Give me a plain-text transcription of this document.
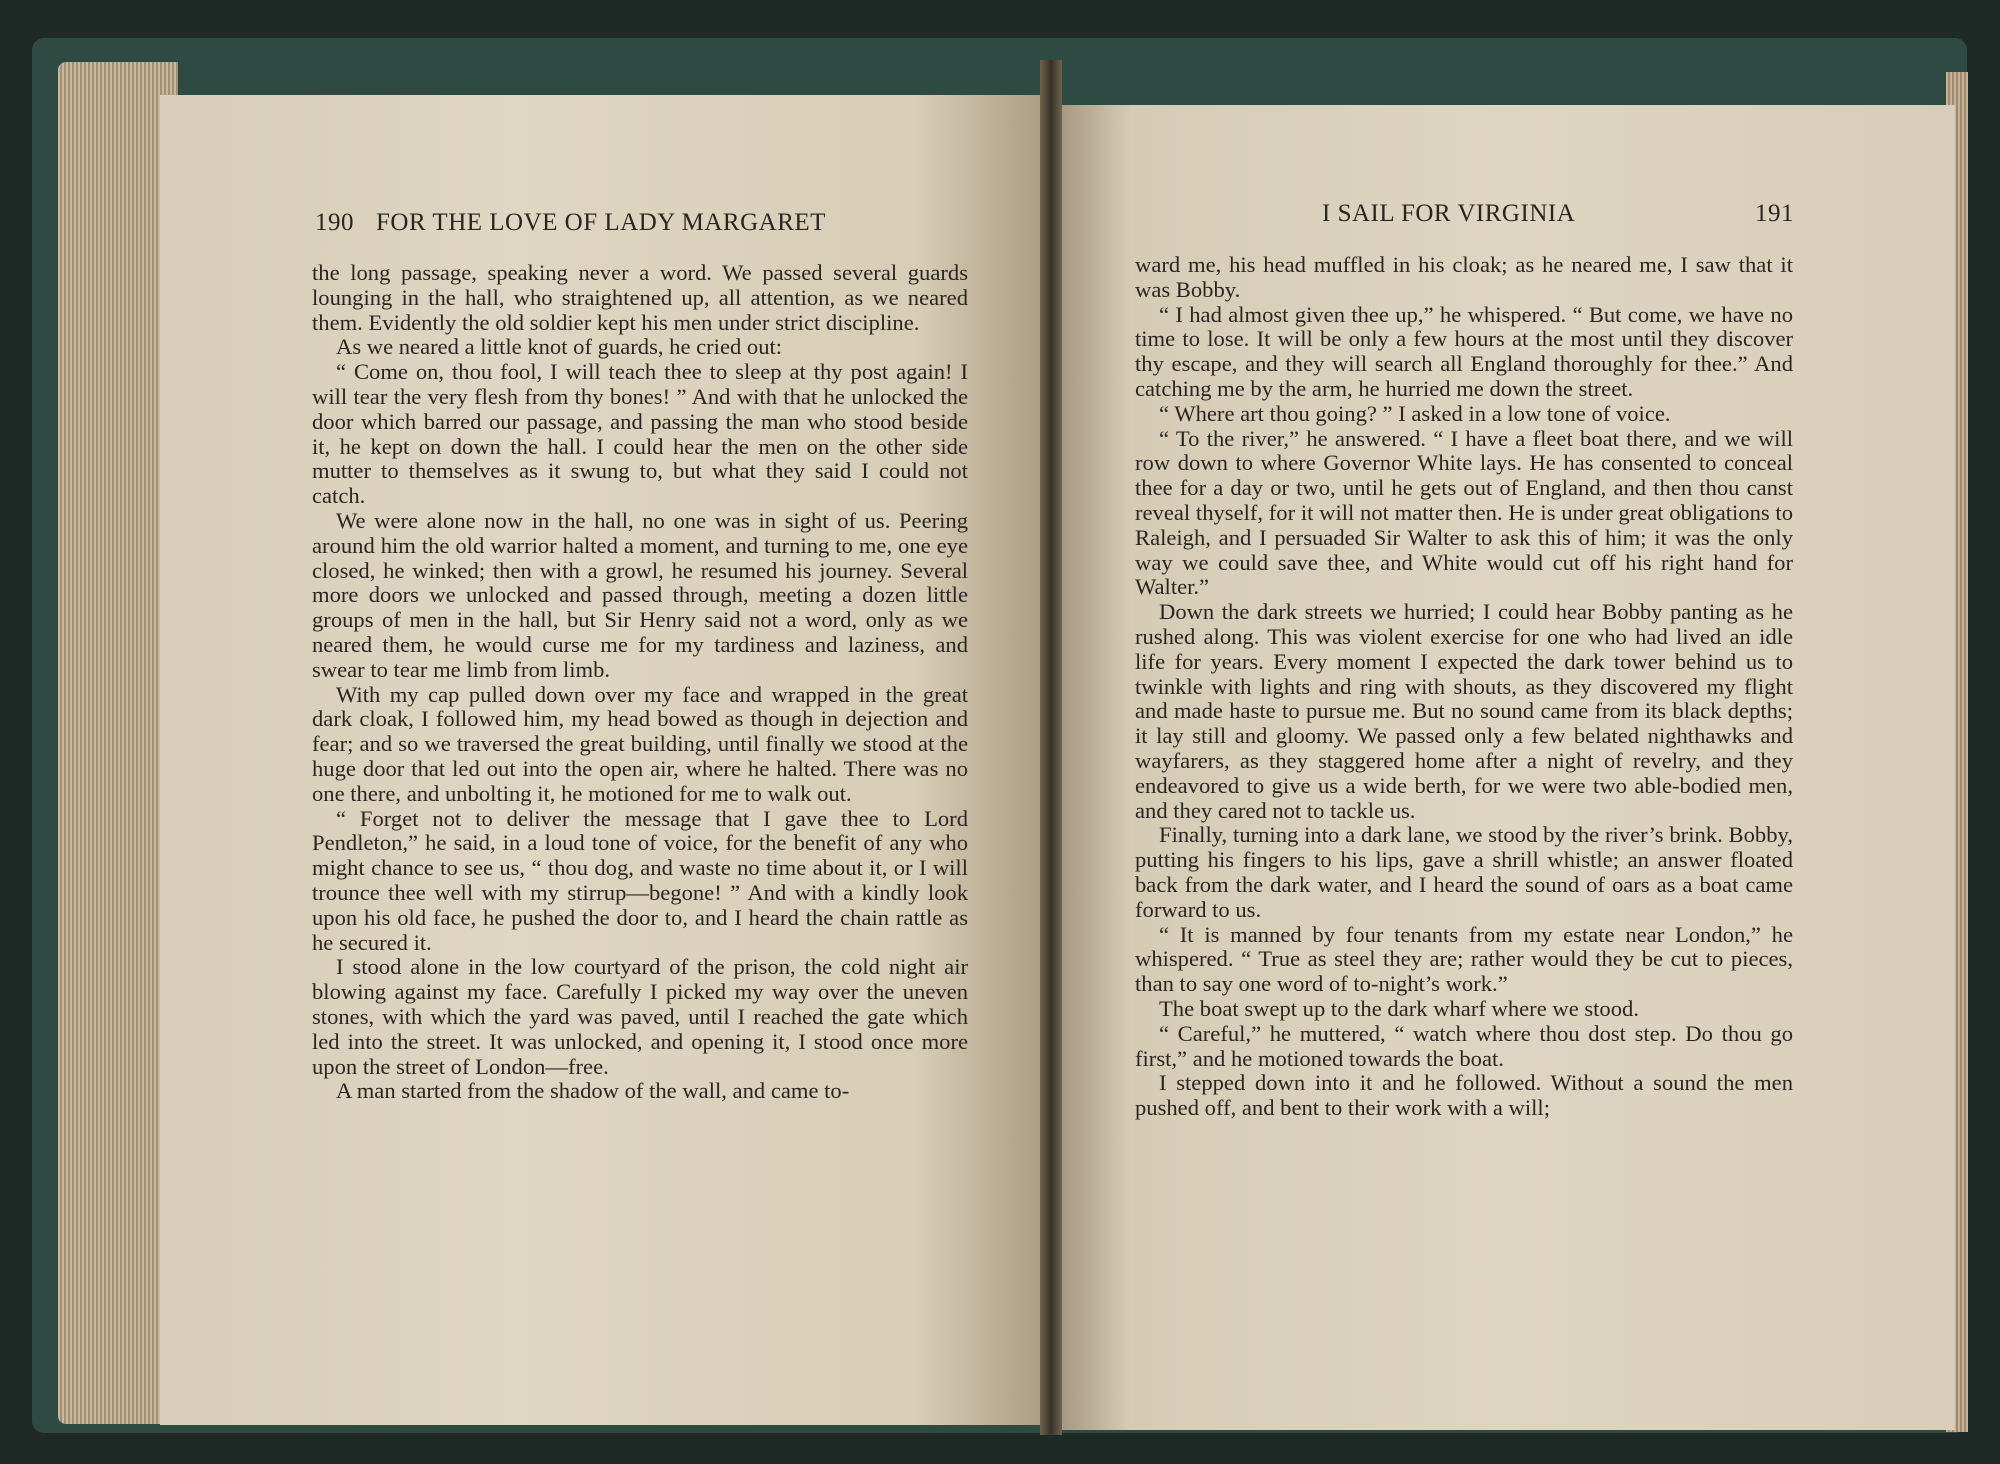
190 FOR THE LOVE OF LADY MARGARET

the long passage, speaking never a word. We passed several guards lounging in the hall, who straightened up, all attention, as we neared them. Evidently the old soldier kept his men under strict discipline.

As we neared a little knot of guards, he cried out:

“ Come on, thou fool, I will teach thee to sleep at thy post again! I will tear the very flesh from thy bones! ” And with that he unlocked the door which barred our passage, and passing the man who stood beside it, he kept on down the hall. I could hear the men on the other side mutter to themselves as it swung to, but what they said I could not catch.

We were alone now in the hall, no one was in sight of us. Peering around him the old warrior halted a moment, and turning to me, one eye closed, he winked; then with a growl, he resumed his journey. Several more doors we unlocked and passed through, meeting a dozen little groups of men in the hall, but Sir Henry said not a word, only as we neared them, he would curse me for my tardiness and laziness, and swear to tear me limb from limb.

With my cap pulled down over my face and wrapped in the great dark cloak, I followed him, my head bowed as though in dejection and fear; and so we traversed the great building, until finally we stood at the huge door that led out into the open air, where he halted. There was no one there, and unbolting it, he motioned for me to walk out.

“ Forget not to deliver the message that I gave thee to Lord Pendleton,” he said, in a loud tone of voice, for the benefit of any who might chance to see us, “ thou dog, and waste no time about it, or I will trounce thee well with my stirrup—begone! ” And with a kindly look upon his old face, he pushed the door to, and I heard the chain rattle as he secured it.

I stood alone in the low courtyard of the prison, the cold night air blowing against my face. Carefully I picked my way over the uneven stones, with which the yard was paved, until I reached the gate which led into the street. It was unlocked, and opening it, I stood once more upon the street of London—free.

A man started from the shadow of the wall, and came to-

I SAIL FOR VIRGINIA	191

ward me, his head muffled in his cloak; as he neared me, I saw that it was Bobby.

“ I had almost given thee up,” he whispered. “ But come, we have no time to lose. It will be only a few hours at the most until they discover thy escape, and they will search all England thoroughly for thee.” And catching me by the arm, he hurried me down the street.

“ Where art thou going? ” I asked in a low tone of voice.

“ To the river,” he answered. “ I have a fleet boat there, and we will row down to where Governor White lays. He has consented to conceal thee for a day or two, until he gets out of England, and then thou canst reveal thyself, for it will not matter then. He is under great obligations to Raleigh, and I persuaded Sir Walter to ask this of him; it was the only way we could save thee, and White would cut off his right hand for Walter.”

Down the dark streets we hurried; I could hear Bobby panting as he rushed along. This was violent exercise for one who had lived an idle life for years. Every moment I expected the dark tower behind us to twinkle with lights and ring with shouts, as they discovered my flight and made haste to pursue me. But no sound came from its black depths; it lay still and gloomy. We passed only a few belated nighthawks and wayfarers, as they staggered home after a night of revelry, and they endeavored to give us a wide berth, for we were two able-bodied men, and they cared not to tackle us.

Finally, turning into a dark lane, we stood by the river’s brink. Bobby, putting his fingers to his lips, gave a shrill whistle; an answer floated back from the dark water, and I heard the sound of oars as a boat came forward to us.

“ It is manned by four tenants from my estate near London,” he whispered. “ True as steel they are; rather would they be cut to pieces, than to say one word of to-night’s work.”

The boat swept up to the dark wharf where we stood.

“ Careful,” he muttered, “ watch where thou dost step. Do thou go first,” and he motioned towards the boat.

I stepped down into it and he followed. Without a sound the men pushed off, and bent to their work with a will;
